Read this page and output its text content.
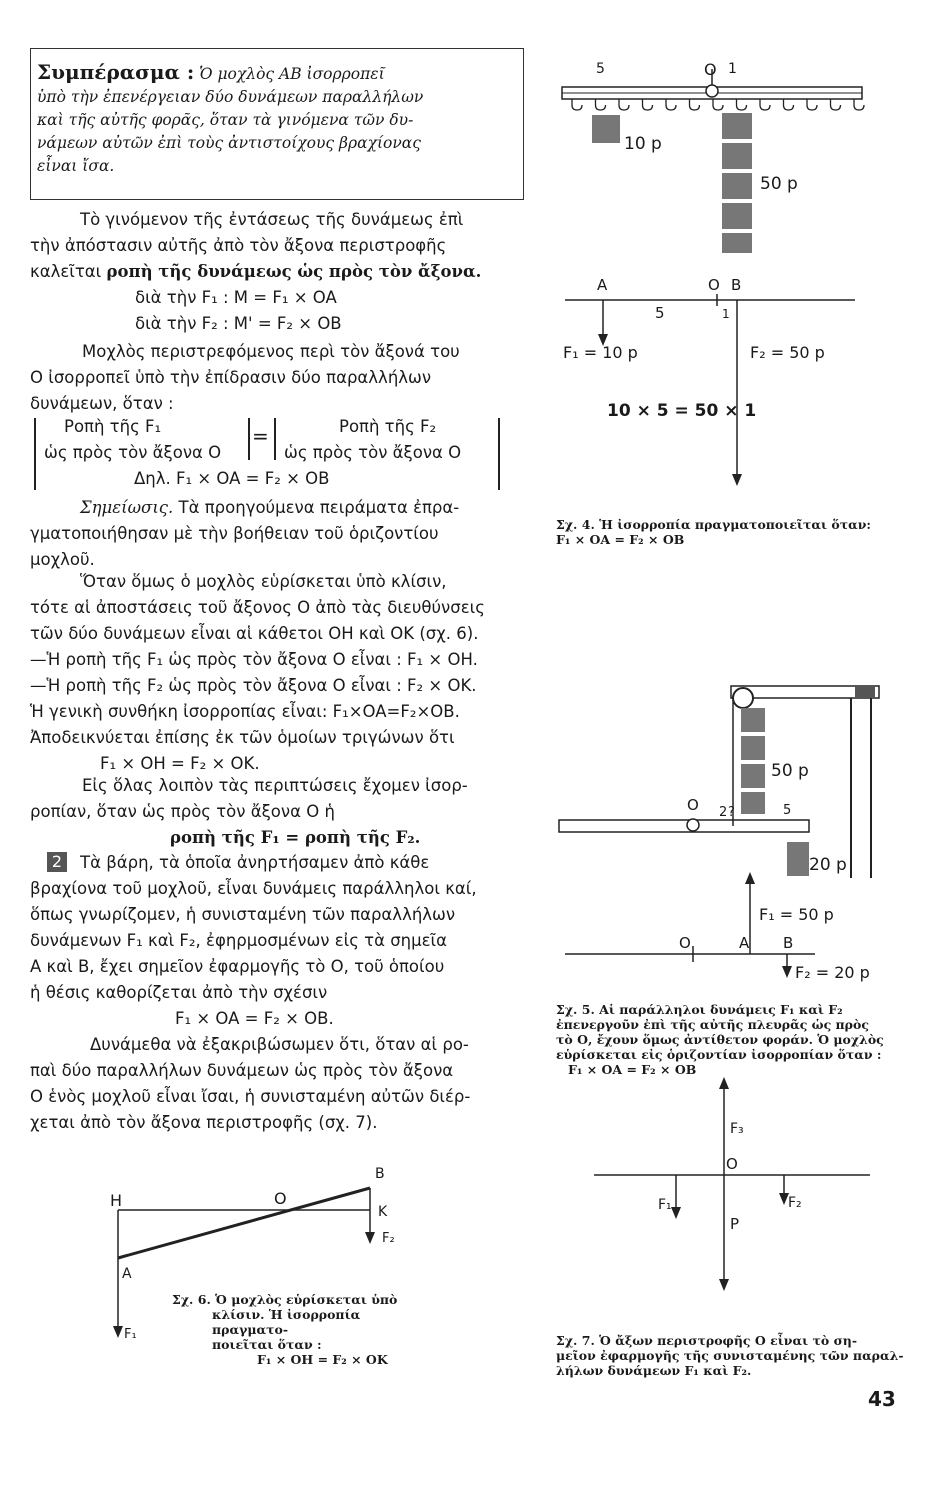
Συμπέρασμα : Ὁ μοχλὸς ΑΒ ἰσορροπεῖ
ὑπὸ τὴν ἐπενέργειαν δύο δυνάμεων παραλλήλων
καὶ τῆς αὐτῆς φορᾶς, ὅταν τὰ γινόμενα τῶν δυ-
νάμεων αὐτῶν ἐπὶ τοὺς ἀντιστοίχους βραχίονας
εἶναι ἴσα.
Τὸ γινόμενον τῆς ἐντάσεως τῆς δυνάμεως ἐπὶ
τὴν ἀπόστασιν αὐτῆς ἀπὸ τὸν ἄξονα περιστροφῆς
καλεῖται ροπὴ τῆς δυνάμεως ὡς πρὸς τὸν ἄξονα.
διὰ τὴν F₁ : M = F₁ × OA
διὰ τὴν F₂ : M' = F₂ × OB
Μοχλὸς περιστρεφόμενος περὶ τὸν ἄξονά του
Ο ἰσορροπεῖ ὑπὸ τὴν ἐπίδρασιν δύο παραλλήλων
δυνάμεων, ὅταν :
Ροπὴ τῆς F₁
ὡς πρὸς τὸν ἄξονα Ο
=	Ροπὴ τῆς F₂
ὡς πρὸς τὸν ἄξονα Ο
Δηλ. F₁ × OA = F₂ × OB
Σημείωσις. Τὰ προηγούμενα πειράματα ἐπρα-
γματοποιήθησαν μὲ τὴν βοήθειαν τοῦ ὁριζοντίου
μοχλοῦ.
Ὅταν ὅμως ὁ μοχλὸς εὑρίσκεται ὑπὸ κλίσιν,
τότε αἱ ἀποστάσεις τοῦ ἄξονος Ο ἀπὸ τὰς διευθύνσεις
τῶν δύο δυνάμεων εἶναι αἱ κάθετοι ΟΗ καὶ ΟΚ (σχ. 6).
—Ἡ ροπὴ τῆς F₁ ὡς πρὸς τὸν ἄξονα Ο εἶναι : F₁ × OH.
—Ἡ ροπὴ τῆς F₂ ὡς πρὸς τὸν ἄξονα Ο εἶναι : F₂ × OK.
Ἡ γενικὴ συνθήκη ἰσορροπίας εἶναι: F₁×OA=F₂×OB.
Ἀποδεικνύεται ἐπίσης ἐκ τῶν ὁμοίων τριγώνων ὅτι
F₁ × OH = F₂ × OK.
Εἰς ὅλας λοιπὸν τὰς περιπτώσεις ἔχομεν ἰσορ-
ροπίαν, ὅταν ὡς πρὸς τὸν ἄξονα Ο ἡ
ροπὴ τῆς F₁ = ροπὴ τῆς F₂.
2	Τὰ βάρη, τὰ ὁποῖα ἀνηρτήσαμεν ἀπὸ κάθε
βραχίονα τοῦ μοχλοῦ, εἶναι δυνάμεις παράλληλοι καί,
ὅπως γνωρίζομεν, ἡ συνισταμένη τῶν παραλλήλων
δυνάμενων F₁ καὶ F₂, ἐφηρμοσμένων εἰς τὰ σημεῖα
Α καὶ Β, ἔχει σημεῖον ἐφαρμογῆς τὸ Ο, τοῦ ὁποίου
ἡ θέσις καθορίζεται ἀπὸ τὴν σχέσιν
F₁ × OA = F₂ × OB.
Δυνάμεθα νὰ ἐξακριβώσωμεν ὅτι, ὅταν αἱ ρο-
παὶ δύο παραλλήλων δυνάμεων ὡς πρὸς τὸν ἄξονα
Ο ἑνὸς μοχλοῦ εἶναι ἴσαι, ἡ συνισταμένη αὐτῶν διέρ-
χεται ἀπὸ τὸν ἄξονα περιστροφῆς (σχ. 7).
H	O
B
K
F₂
A
F₁
Σχ. 6. Ὁ μοχλὸς εὑρίσκεται ὑπὸ
κλίσιν. Ἡ ἰσορροπία πραγματο-
ποιεῖται ὅταν :
F₁ × OH = F₂ × OK
5	O 1
10 p
50 p
A	O B
5	1
F₁ = 10 p	F₂ = 50 p
10 × 5 = 50 × 1
Σχ. 4. Ἡ ἰσορροπία πραγματοποιεῖται ὅταν:
F₁ × OA = F₂ × OB
50 p
O 2 ?	5
20 p
F₁ = 50 p
O	A B
F₂ = 20 p
Σχ. 5. Αἱ παράλληλοι δυνάμεις F₁ καὶ F₂
ἐπενεργοῦν ἐπὶ τῆς αὐτῆς πλευρᾶς ὡς πρὸς
τὸ Ο, ἔχουν ὅμως ἀντίθετον φοράν. Ὁ μοχλὸς
εὑρίσκεται εἰς ὁριζοντίαν ἰσορροπίαν ὅταν :
F₁ × OA = F₂ × OB
F₃
O
F₁	F₂
P
Σχ. 7. Ὁ ἄξων περιστροφῆς Ο εἶναι τὸ ση-
μεῖον ἐφαρμογῆς τῆς συνισταμένης τῶν παραλ-
λήλων δυνάμεων F₁ καὶ F₂.
43
